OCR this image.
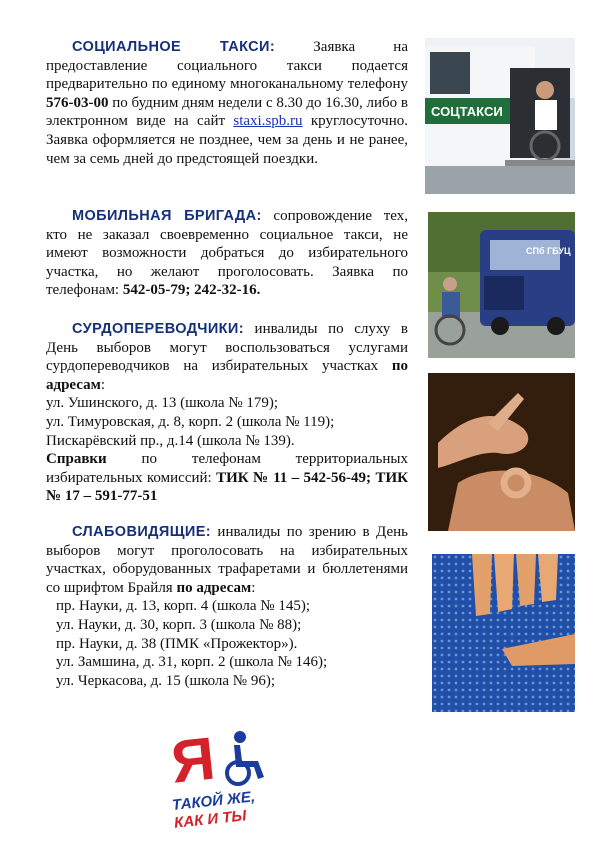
СОЦИАЛЬНОЕ ТАКСИ: Заявка на предоставление социального такси подается предварительно по единому многоканальному телефону 576-03-00 по будним дням недели с 8.30 до 16.30, либо в электронном виде на сайт staxi.spb.ru круглосуточно. Заявка оформляется не позднее, чем за день и не ранее, чем за семь дней до предстоящей поездки.
МОБИЛЬНАЯ БРИГАДА: сопровождение тех, кто не заказал своевременно социальное такси, не имеют возможности добраться до избирательного участка, но желают проголосовать. Заявка по телефонам: 542-05-79; 242-32-16.
СУРДОПЕРЕВОДЧИКИ: инвалиды по слуху в День выборов могут воспользоваться услугами сурдопереводчиков на избирательных участках по адресам:
ул. Ушинского, д. 13 (школа № 179);
ул. Тимуровская, д. 8, корп. 2 (школа № 119);
Пискарёвский пр., д.14 (школа № 139).
Справки по телефонам территориальных избирательных комиссий: ТИК № 11 – 542-56-49; ТИК № 17 – 591-77-51
СЛАБОВИДЯЩИЕ: инвалиды по зрению в День выборов могут проголосовать на избирательных участках, оборудованных трафаретами и бюллетенями со шрифтом Брайля по адресам:
пр. Науки, д. 13, корп. 4 (школа № 145);
ул. Науки, д. 30, корп. 3 (школа № 88);
пр. Науки, д. 38 (ПМК «Прожектор»).
ул. Замшина, д. 31, корп. 2 (школа № 146);
ул. Черкасова, д. 15 (школа № 96);
СОЦТАКСИ
СПб ГБУЦ
Я
ТАКОЙ ЖЕ,
КАК И ТЫ
